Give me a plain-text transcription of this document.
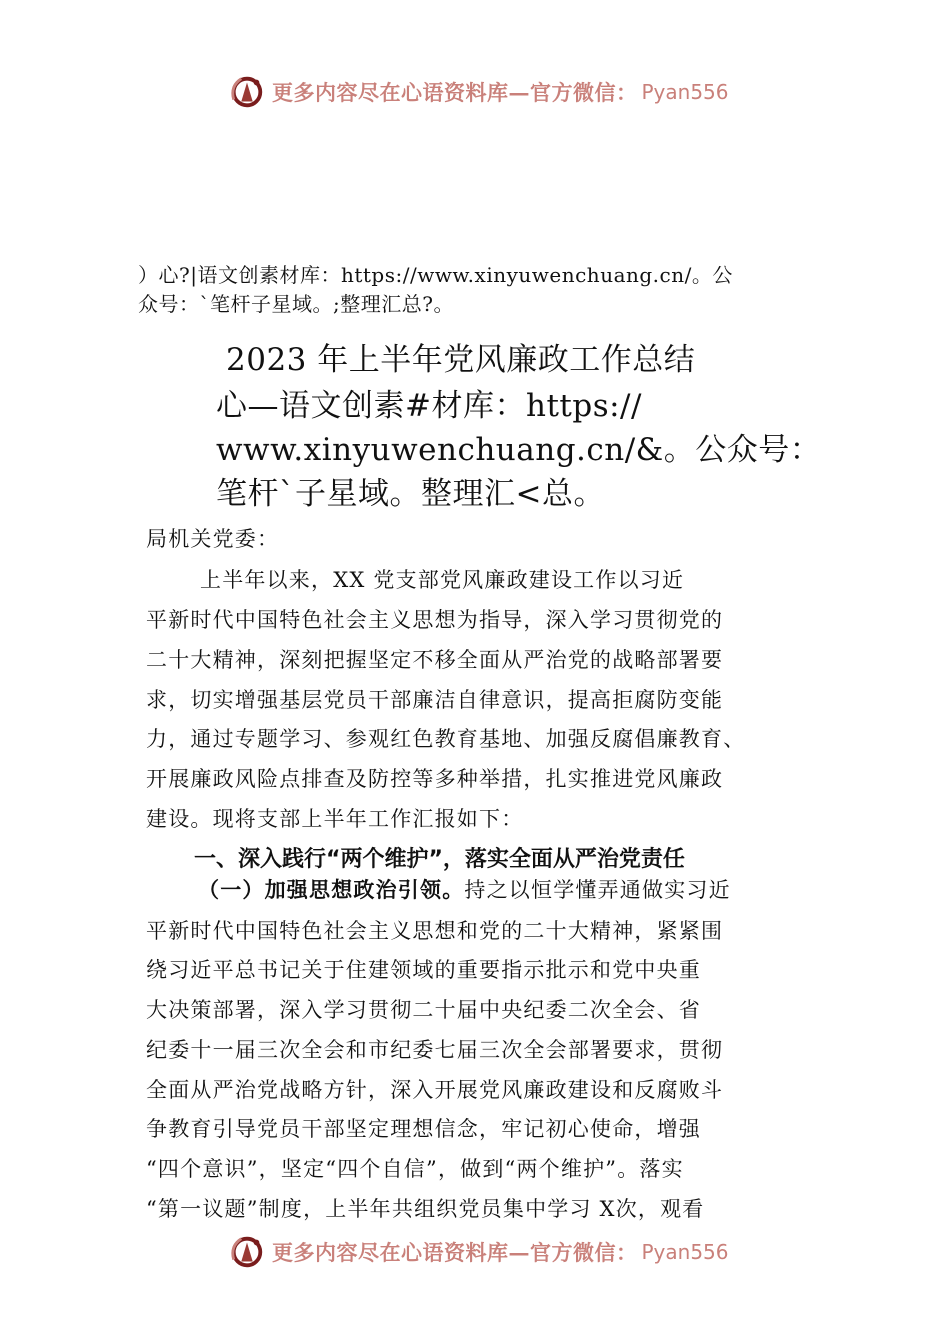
更多内容尽在心语资料库—官方微信： Pyan556
）心?|语文创素材库：https://www.xinyuwenchuang.cn/。公
众号：`笔杆子星域。;整理汇总?。
2023 年上半年党风廉政工作总结
心—语文创素#材库：https://
www.xinyuwenchuang.cn/&。公众号：
笔杆`子星域。整理汇<总。
局机关党委：
上半年以来，XX 党支部党风廉政建设工作以习近
平新时代中国特色社会主义思想为指导，深入学习贯彻党的
二十大精神，深刻把握坚定不移全面从严治党的战略部署要
求，切实增强基层党员干部廉洁自律意识，提高拒腐防变能
力，通过专题学习、参观红色教育基地、加强反腐倡廉教育、
开展廉政风险点排查及防控等多种举措，扎实推进党风廉政
建设。现将支部上半年工作汇报如下：
一、深入践行“两个维护”，落实全面从严治党责任
（一）加强思想政治引领。持之以恒学懂弄通做实习近
平新时代中国特色社会主义思想和党的二十大精神，紧紧围
绕习近平总书记关于住建领域的重要指示批示和党中央重
大决策部署，深入学习贯彻二十届中央纪委二次全会、省
纪委十一届三次全会和市纪委七届三次全会部署要求，贯彻
全面从严治党战略方针，深入开展党风廉政建设和反腐败斗
争教育引导党员干部坚定理想信念，牢记初心使命，增强
“四个意识”，坚定“四个自信”，做到“两个维护”。落实
“第一议题”制度，上半年共组织党员集中学习 X次，观看
更多内容尽在心语资料库—官方微信： Pyan556
